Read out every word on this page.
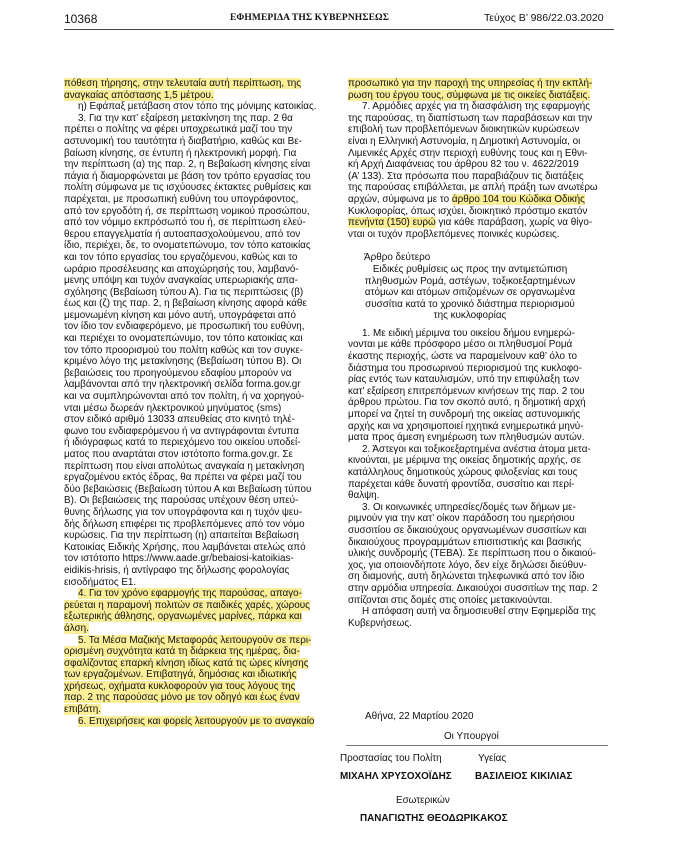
10368	ΕΦΗΜΕΡΙΔΑ ΤΗΣ ΚΥΒΕΡΝΗΣΕΩΣ	Τεύχος B’ 986/22.03.2020
πόθεση τήρησης, στην τελευταία αυτή περίπτωση, της
αναγκαίας απόστασης 1,5 μέτρου.
η) Εφάπαξ μετάβαση στον τόπο της μόνιμης κατοικίας.
3. Για την κατ’ εξαίρεση μετακίνηση της παρ. 2 θα
πρέπει ο πολίτης να φέρει υποχρεωτικά μαζί του την
αστυνομική του ταυτότητα ή διαβατήριο, καθώς και Βε-
βαίωση κίνησης, σε έντυπη ή ηλεκτρονική μορφή. Για
την περίπτωση (α) της παρ. 2, η Βεβαίωση κίνησης είναι
πάγια ή διαμορφώνεται με βάση τον τρόπο εργασίας του
πολίτη σύμφωνα με τις ισχύουσες έκτακτες ρυθμίσεις και
παρέχεται, με προσωπική ευθύνη του υπογράφοντος,
από τον εργοδότη ή, σε περίπτωση νομικού προσώπου,
από τον νόμιμο εκπρόσωπό του ή, σε περίπτωση ελεύ-
θερου επαγγελματία ή αυτοαπασχολούμενου, από τον
ίδιο, περιέχει, δε, το ονοματεπώνυμο, τον τόπο κατοικίας
και τον τόπο εργασίας του εργαζόμενου, καθώς και το
ωράριο προσέλευσης και αποχώρησής του, λαμβανό-
μενης υπόψη και τυχόν αναγκαίας υπερωριακής απα-
σχόλησης (Βεβαίωση τύπου Α). Για τις περιπτώσεις (β)
έως και (ζ) της παρ. 2, η βεβαίωση κίνησης αφορά κάθε
μεμονωμένη κίνηση και μόνο αυτή, υπογράφεται από
τον ίδιο τον ενδιαφερόμενο, με προσωπική του ευθύνη,
και περιέχει το ονοματεπώνυμο, τον τόπο κατοικίας και
τον τόπο προορισμού του πολίτη καθώς και τον συγκε-
κριμένο λόγο της μετακίνησης (Βεβαίωση τύπου Β). Οι
βεβαιώσεις του προηγούμενου εδαφίου μπορούν να
λαμβάνονται από την ηλεκτρονική σελίδα forma.gov.gr
και να συμπληρώνονται από τον πολίτη, ή να χορηγού-
νται μέσω δωρεάν ηλεκτρονικού μηνύματος (sms)
στον ειδικό αριθμό 13033 απευθείας στο κινητό τηλέ-
φωνο του ενδιαφερόμενου ή να αντιγράφονται έντυπα
ή ιδιόγραφως κατά το περιεχόμενο του οικείου υποδεί-
ματος που αναρτάται στον ιστότοπο forma.gov.gr. Σε
περίπτωση που είναι απολύτως αναγκαία η μετακίνηση
εργαζομένου εκτός έδρας, θα πρέπει να φέρει μαζί του
δύο βεβαιώσεις (Βεβαίωση τύπου Α και Βεβαίωση τύπου
Β). Οι βεβαιώσεις της παρούσας υπέχουν θέση υπεύ-
θυνης δήλωσης για τον υπογράφοντα και η τυχόν ψευ-
δής δήλωση επιφέρει τις προβλεπόμενες από τον νόμο
κυρώσεις. Για την περίπτωση (η) απαιτείται Βεβαίωση
Κατοικίας Ειδικής Χρήσης, που λαμβάνεται ατελώς από
τον ιστότοπο https://www.aade.gr/bebaiosi-katoikias-
eidikis-hrisis, ή αντίγραφο της δήλωσης φορολογίας
εισοδήματος Ε1.
4. Για τον χρόνο εφαρμογής της παρούσας, απαγο-
ρεύεται η παραμονή πολιτών σε παιδικές χαρές, χώρους
εξωτερικής άθλησης, οργανωμένες μαρίνες, πάρκα και
άλση.
5. Τα Μέσα Μαζικής Μεταφοράς λειτουργούν σε περι-
ορισμένη συχνότητα κατά τη διάρκεια της ημέρας, δια-
σφαλίζοντας επαρκή κίνηση ιδίως κατά τις ώρες κίνησης
των εργαζομένων. Επιβατηγά, δημόσιας και ιδιωτικής
χρήσεως, οχήματα κυκλοφορούν για τους λόγους της
παρ. 2 της παρούσας μόνο με τον οδηγό και έως έναν
επιβάτη.
6. Επιχειρήσεις και φορείς λειτουργούν με το αναγκαίο
προσωπικό για την παροχή της υπηρεσίας ή την εκπλή-
ρωση του έργου τους, σύμφωνα με τις οικείες διατάξεις.
7. Αρμόδιες αρχές για τη διασφάλιση της εφαρμογής
της παρούσας, τη διαπίστωση των παραβάσεων και την
επιβολή των προβλεπόμενων διοικητικών κυρώσεων
είναι η Ελληνική Αστυνομία, η Δημοτική Αστυνομία, οι
Λιμενικές Αρχές στην περιοχή ευθύνης τους και η Εθνι-
κή Αρχή Διαφάνειας του άρθρου 82 του ν. 4622/2019
(Α’ 133). Στα πρόσωπα που παραβιάζουν τις διατάξεις
της παρούσας επιβάλλεται, με απλή πράξη των ανωτέρω
αρχών, σύμφωνα με το άρθρο 104 του Κώδικα Οδικής
Κυκλοφορίας, όπως ισχύει, διοικητικό πρόστιμο εκατόν
πενήντα (150) ευρώ για κάθε παράβαση, χωρίς να θίγο-
νται οι τυχόν προβλεπόμενες ποινικές κυρώσεις.
Άρθρο δεύτερο
Ειδικές ρυθμίσεις ως προς την αντιμετώπιση
πληθυσμών Ρομά, αστέγων, τοξικοεξαρτημένων
ατόμων και ατόμων σιτιζομένων σε οργανωμένα
συσσίτια κατά το χρονικό διάστημα περιορισμού
της κυκλοφορίας
1. Με ειδική μέριμνα του οικείου δήμου ενημερώ-
νονται με κάθε πρόσφορο μέσο οι πληθυσμοί Ρομά
έκαστης περιοχής, ώστε να παραμείνουν καθ’ όλο το
διάστημα του προσωρινού περιορισμού της κυκλοφο-
ρίας εντός των καταυλισμών, υπό την επιφύλαξη των
κατ’ εξαίρεση επιτρεπόμενων κινήσεων της παρ. 2 του
άρθρου πρώτου. Για τον σκοπό αυτό, η δημοτική αρχή
μπορεί να ζητεί τη συνδρομή της οικείας αστυνομικής
αρχής και να χρησιμοποιεί ηχητικά ενημερωτικά μηνύ-
ματα προς άμεση ενημέρωση των πληθυσμών αυτών.
2. Άστεγοι και τοξικοεξαρτημένα ανέστια άτομα μετα-
κινούνται, με μέριμνα της οικείας δημοτικής αρχής, σε
κατάλληλους δημοτικούς χώρους φιλοξενίας και τους
παρέχεται κάθε δυνατή φροντίδα, συσσίτιο και περί-
θαλψη.
3. Οι κοινωνικές υπηρεσίες/δομές των δήμων με-
ριμνούν για την κατ’ οίκον παράδοση του ημερήσιου
συσσιτίου σε δικαιούχους οργανωμένων συσσιτίων και
δικαιούχους προγραμμάτων επισιτιστικής και βασικής
υλικής συνδρομής (ΤΕΒΑ). Σε περίπτωση που ο δικαιού-
χος, για οποιονδήποτε λόγο, δεν είχε δηλώσει διεύθυν-
ση διαμονής, αυτή δηλώνεται τηλεφωνικά από τον ίδιο
στην αρμόδια υπηρεσία. Δικαιούχοι συσσιτίων της παρ. 2
σιτίζονται στις δομές στις οποίες μετακινούνται.
Η απόφαση αυτή να δημοσιευθεί στην Εφημερίδα της
Κυβερνήσεως.
Αθήνα, 22 Μαρτίου 2020
Οι Υπουργοί
Προστασίας του Πολίτη	Υγείας
ΜΙΧΑΗΛ ΧΡΥΣΟΧΟΪΔΗΣ ΒΑΣΙΛΕΙΟΣ ΚΙΚΙΛΙΑΣ
Εσωτερικών
ΠΑΝΑΓΙΩΤΗΣ ΘΕΟΔΩΡΙΚΑΚΟΣ
